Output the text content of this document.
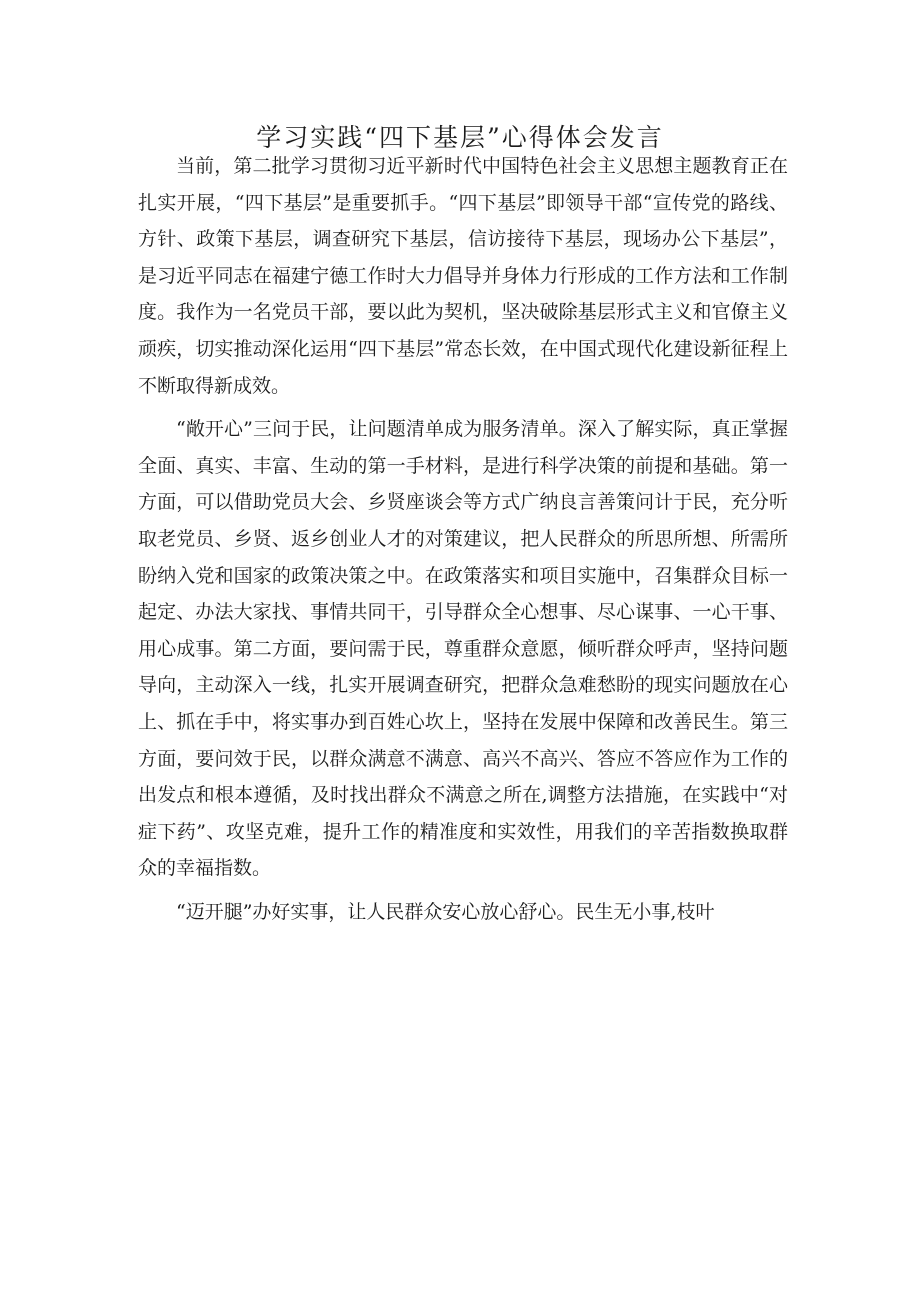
学习实践“四下基层”心得体会发言

当前，第二批学习贯彻习近平新时代中国特色社会主义思想主题教育正在扎实开展，“四下基层”是重要抓手。“四下基层”即领导干部“宣传党的路线、方针、政策下基层，调查研究下基层，信访接待下基层，现场办公下基层”，是习近平同志在福建宁德工作时大力倡导并身体力行形成的工作方法和工作制度。我作为一名党员干部，要以此为契机，坚决破除基层形式主义和官僚主义顽疾，切实推动深化运用“四下基层”常态长效，在中国式现代化建设新征程上不断取得新成效。

“敞开心”三问于民，让问题清单成为服务清单。深入了解实际，真正掌握全面、真实、丰富、生动的第一手材料，是进行科学决策的前提和基础。第一方面，可以借助党员大会、乡贤座谈会等方式广纳良言善策问计于民，充分听取老党员、乡贤、返乡创业人才的对策建议，把人民群众的所思所想、所需所盼纳入党和国家的政策决策之中。在政策落实和项目实施中，召集群众目标一起定、办法大家找、事情共同干，引导群众全心想事、尽心谋事、一心干事、用心成事。第二方面，要问需于民，尊重群众意愿，倾听群众呼声，坚持问题导向，主动深入一线，扎实开展调查研究，把群众急难愁盼的现实问题放在心上、抓在手中，将实事办到百姓心坎上，坚持在发展中保障和改善民生。第三方面，要问效于民，以群众满意不满意、高兴不高兴、答应不答应作为工作的出发点和根本遵循，及时找出群众不满意之所在,调整方法措施，在实践中“对症下药”、攻坚克难，提升工作的精准度和实效性，用我们的辛苦指数换取群众的幸福指数。

“迈开腿”办好实事，让人民群众安心放心舒心。民生无小事,枝叶
